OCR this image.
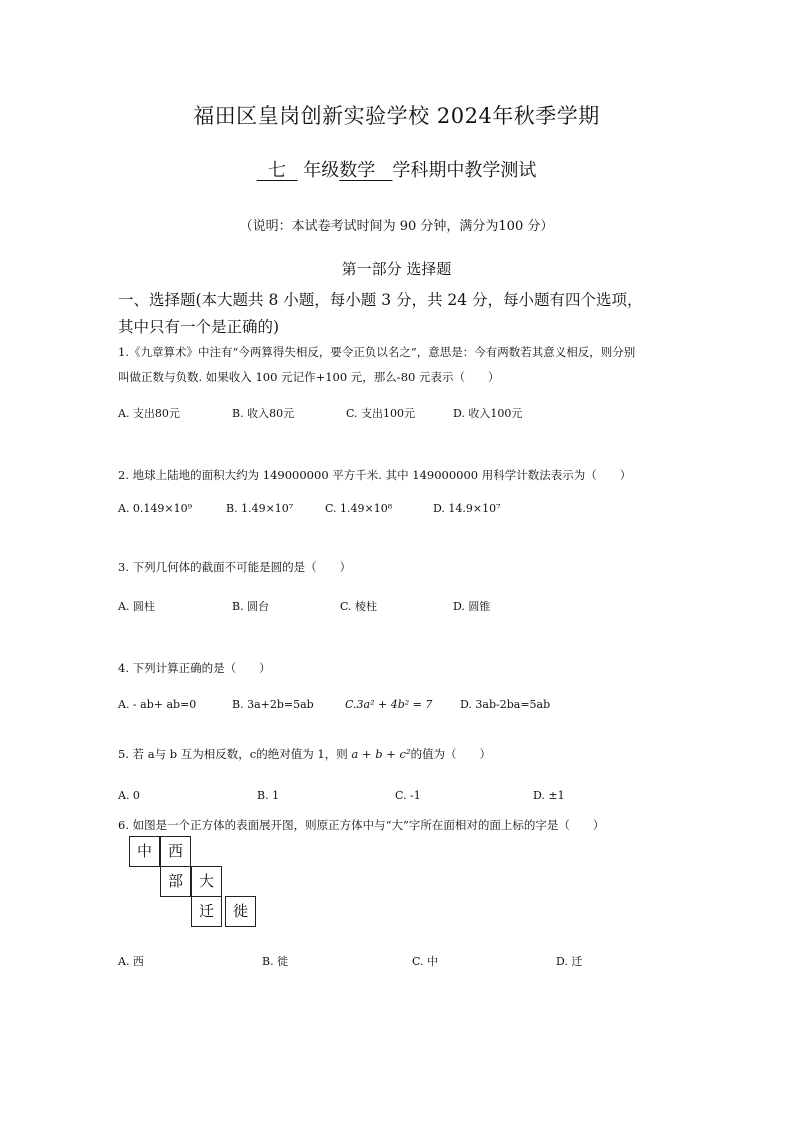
福田区皇岗创新实验学校 2024年秋季学期
七 年级数学 学科期中教学测试
（说明：本试卷考试时间为 90 分钟，满分为100 分）
第一部分 选择题
一、选择题(本大题共 8 小题，每小题 3 分，共 24 分，每小题有四个选项，
其中只有一个是正确的)
1.《九章算术》中注有“今两算得失相反，要令正负以名之”，意思是：今有两数若其意义相反，则分别
叫做正数与负数. 如果收入 100 元记作+100 元，那么-80 元表示（　　）
A. 支出80元	B. 收入80元	C. 支出100元	D. 收入100元
2. 地球上陆地的面积大约为 149000000 平方千米. 其中 149000000 用科学计数法表示为（　　）
A. 0.149×10⁹	B. 1.49×10⁷	C. 1.49×10⁸	D. 14.9×10⁷
3. 下列几何体的截面不可能是圆的是（　　）
A. 圆柱	B. 圆台	C. 棱柱	D. 圆锥
4. 下列计算正确的是（　　）
A. - ab+ ab=0	B. 3a+2b=5ab	C.3a² + 4b² = 7	D. 3ab-2ba=5ab
5. 若 a与 b 互为相反数，c的绝对值为 1，则 a + b + c²的值为（　　）
A. 0	B. 1	C. -1	D. ±1
6. 如图是一个正方体的表面展开图，则原正方体中与“大”字所在面相对的面上标的字是（　　）
中	西
部	大
迁	徙
A. 西	B. 徙	C. 中	D. 迁
